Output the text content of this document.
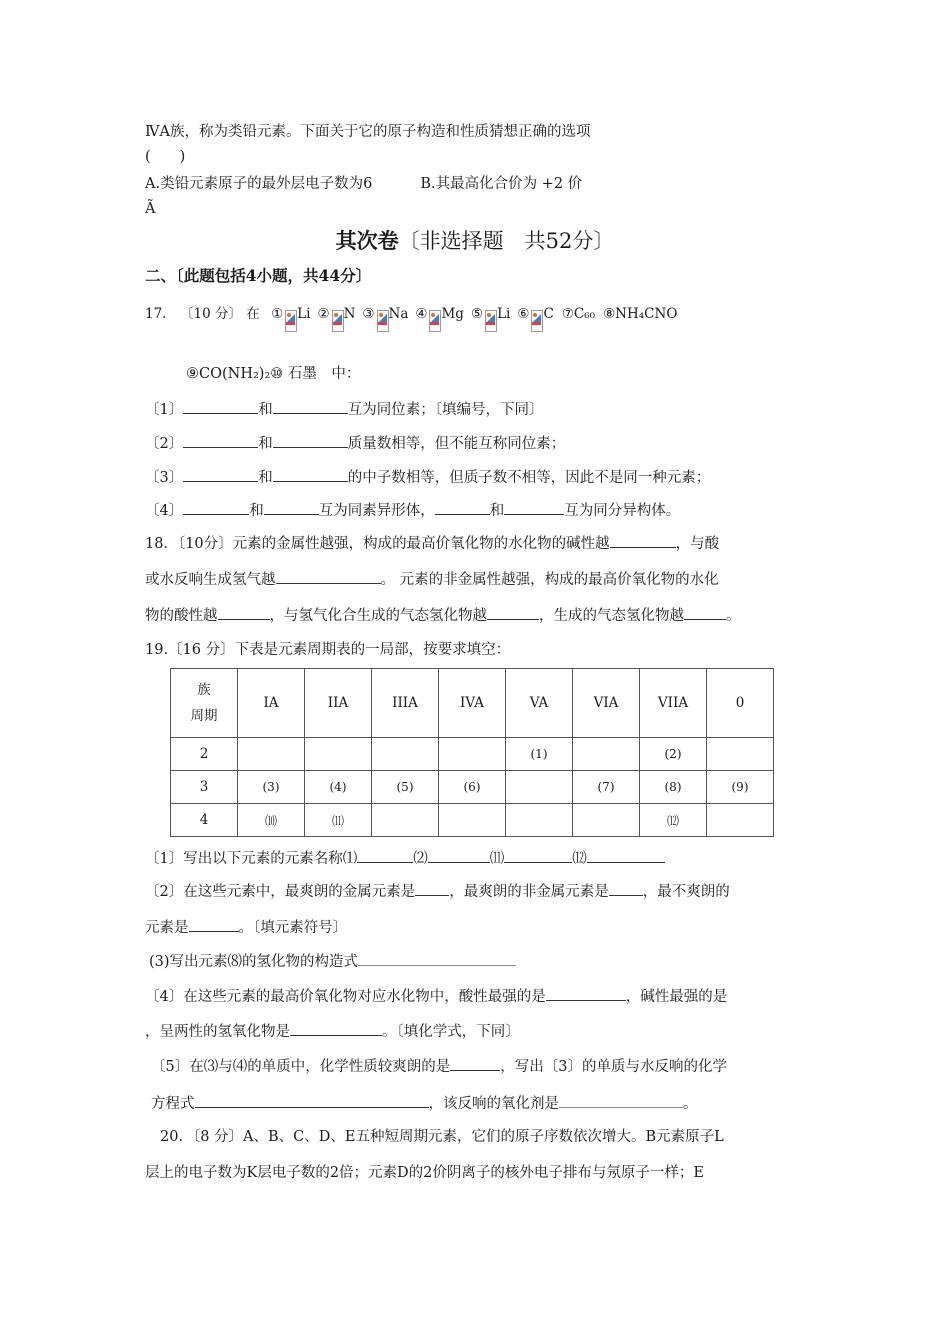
ⅣA族，称为类铅元素。下面关于它的原子构造和性质猜想正确的选项
(　　)
A.类铅元素原子的最外层电子数为6	B.其最高化合价为 +2 价
Ã
其次卷〔非选择题　共52分〕
二、〔此题包括4小题，共44分〕
17． 〔10 分〕 在 ① Li ② N ③ Na ④ Mg ⑤ Li ⑥ C ⑦C₆₀ ⑧NH₄CNO
⑨CO(NH₂)₂⑩ 石墨　中：
〔1〕	和	互为同位素；〔填编号，下同〕
〔2〕	和	质量数相等，但不能互称同位素；
〔3〕	和	的中子数相等，但质子数不相等，因此不是同一种元素；
〔4〕	和	互为同素异形体，	和	互为同分异构体。
18．〔10分〕元素的金属性越强，构成的最高价氧化物的水化物的碱性越	，与酸
或水反响生成氢气越	。 元素的非金属性越强，构成的最高价氧化物的水化
物的酸性越	，与氢气化合生成的气态氢化物越	，生成的气态氢化物越	。
19.〔16 分〕下表是元素周期表的一局部，按要求填空：
族
周期	IA	IIA	IIIA	IVA	VA	VIA	VIIA	0
2					(1)		(2)	
3	(3)	(4)	(5)	(6)		(7)	(8)	(9)
4	⑽	⑾					⑿	
〔1〕写出以下元素的元素名称⑴	⑵	⑾	⑿
〔2〕在这些元素中，最爽朗的金属元素是 ，最爽朗的非金属元素是 ，最不爽朗的
元素是	。〔填元素符号〕
(3)写出元素⑻的氢化物的构造式
〔4〕在这些元素的最高价氧化物对应水化物中，酸性最强的是	，碱性最强的是
，呈两性的氢氧化物是	。〔填化学式，下同〕
〔5〕在⑶与⑷的单质中，化学性质较爽朗的是	，写出〔3〕的单质与水反响的化学
方程式	，该反响的氧化剂是	。
20．〔8 分〕A、B、C、D、E五种短周期元素，它们的原子序数依次增大。B元素原子L
层上的电子数为K层电子数的2倍；元素D的2价阴离子的核外电子排布与氖原子一样；E
